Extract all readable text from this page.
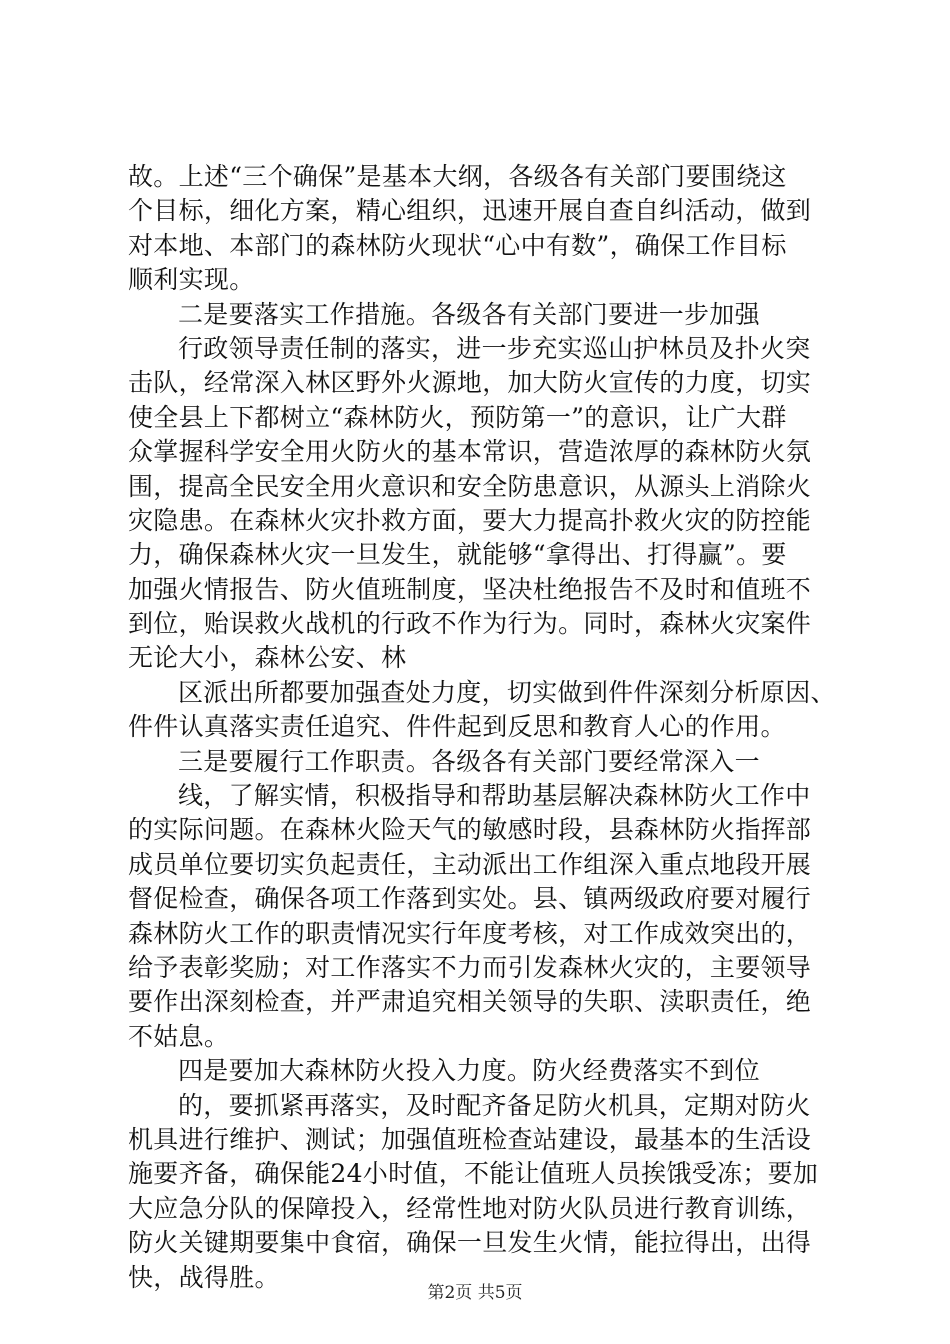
故。上述“三个确保”是基本大纲，各级各有关部门要围绕这
个目标，细化方案，精心组织，迅速开展自查自纠活动，做到
对本地、本部门的森林防火现状“心中有数”，确保工作目标
顺利实现。
二是要落实工作措施。各级各有关部门要进一步加强
行政领导责任制的落实，进一步充实巡山护林员及扑火突
击队，经常深入林区野外火源地，加大防火宣传的力度，切实
使全县上下都树立“森林防火，预防第一”的意识，让广大群
众掌握科学安全用火防火的基本常识，营造浓厚的森林防火氛
围，提高全民安全用火意识和安全防患意识，从源头上消除火
灾隐患。在森林火灾扑救方面，要大力提高扑救火灾的防控能
力，确保森林火灾一旦发生，就能够“拿得出、打得赢”。要
加强火情报告、防火值班制度，坚决杜绝报告不及时和值班不
到位，贻误救火战机的行政不作为行为。同时，森林火灾案件
无论大小，森林公安、林
区派出所都要加强查处力度，切实做到件件深刻分析原因、
件件认真落实责任追究、件件起到反思和教育人心的作用。
三是要履行工作职责。各级各有关部门要经常深入一
线，了解实情，积极指导和帮助基层解决森林防火工作中
的实际问题。在森林火险天气的敏感时段，县森林防火指挥部
成员单位要切实负起责任，主动派出工作组深入重点地段开展
督促检查，确保各项工作落到实处。县、镇两级政府要对履行
森林防火工作的职责情况实行年度考核，对工作成效突出的，
给予表彰奖励；对工作落实不力而引发森林火灾的，主要领导
要作出深刻检查，并严肃追究相关领导的失职、渎职责任，绝
不姑息。
四是要加大森林防火投入力度。防火经费落实不到位
的，要抓紧再落实，及时配齐备足防火机具，定期对防火
机具进行维护、测试；加强值班检查站建设，最基本的生活设
施要齐备，确保能24小时值，不能让值班人员挨饿受冻；要加
大应急分队的保障投入，经常性地对防火队员进行教育训练，
防火关键期要集中食宿，确保一旦发生火情，能拉得出，出得
快，战得胜。
第2页 共5页
